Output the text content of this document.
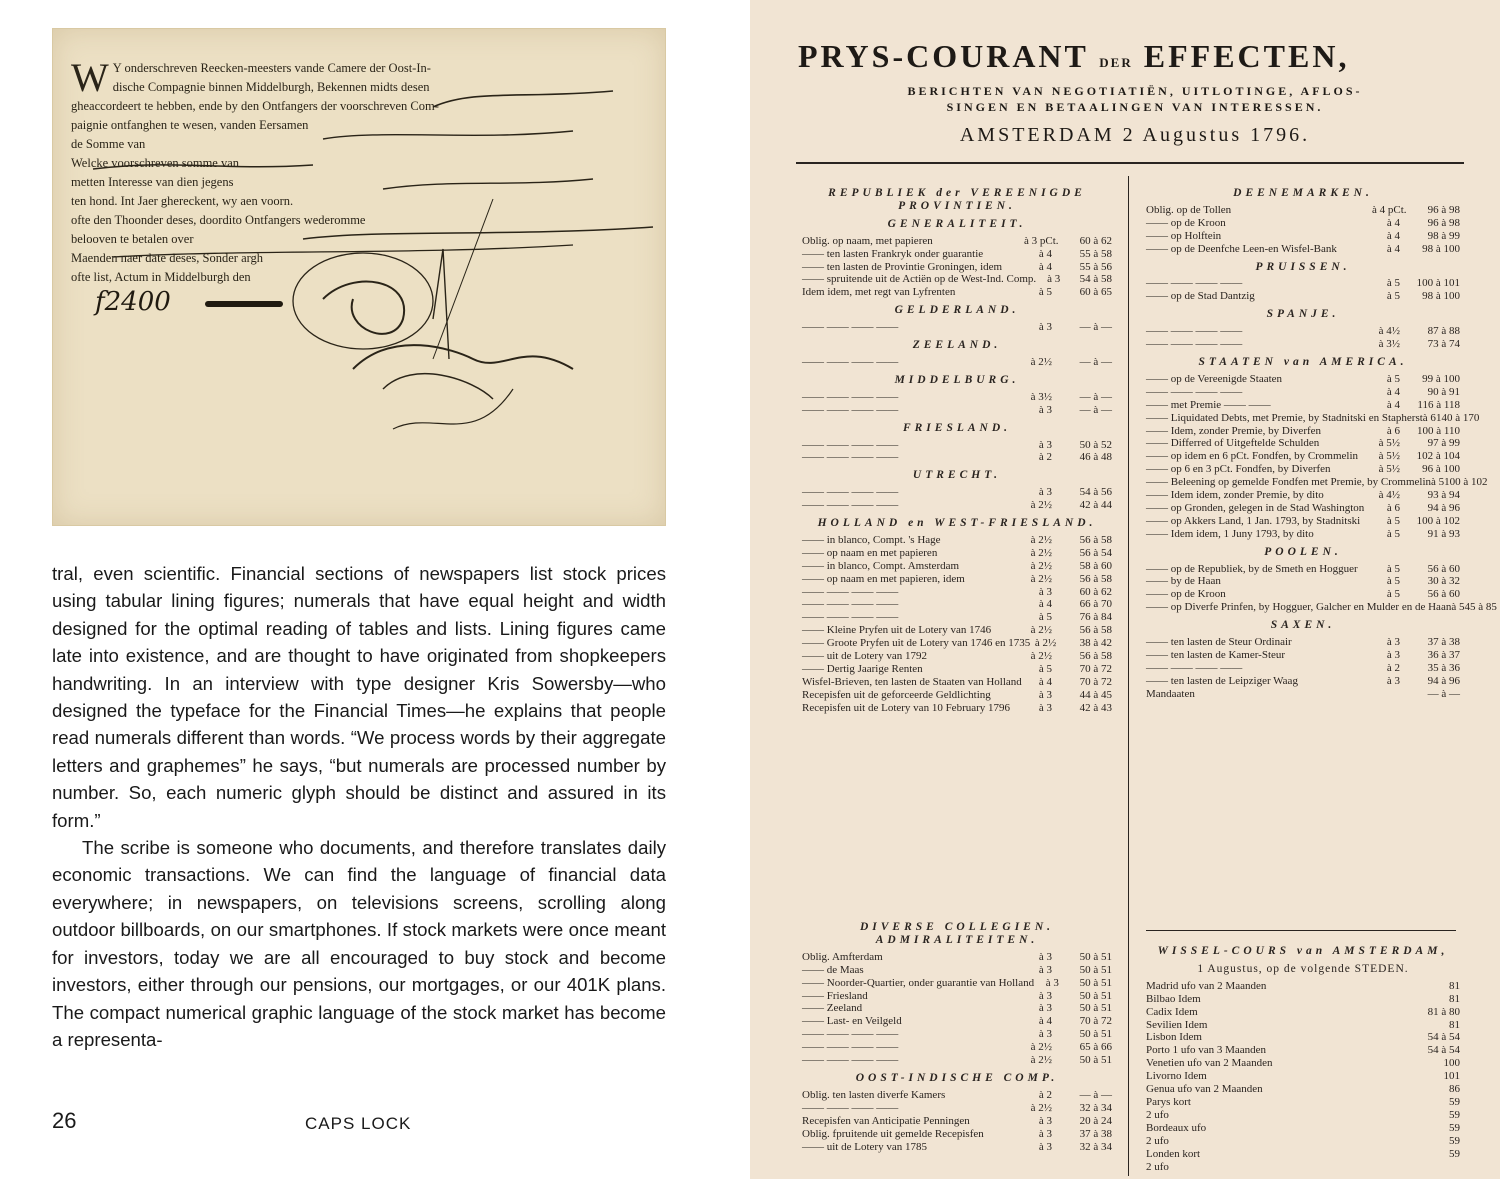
W Y onderschreven Reecken-meesters vande Camere der Oost-In-
dische Compagnie binnen Middelburgh, Bekennen midts desen
gheaccordeert te hebben, ende by den Ontfangers der voorschreven Com-
paignie ontfanghen te wesen, vanden Eersamen
de Somme van
Welcke voorschreven somme van
metten Interesse van dien jegens
ten hond. Int Jaer ghereckent, wy aen voorn.
ofte den Thoonder deses, doordito Ontfangers wederomme
belooven te betalen over
Maenden naer date deses, Sonder argh
ofte list, Actum in Middelburgh den
f2400

tral, even scientific. Financial sections of newspapers list stock prices using tabular lining figures; numerals that have equal height and width designed for the optimal reading of tables and lists. Lining figures came late into existence, and are thought to have originated from shopkeepers handwriting. In an interview with type designer Kris Sowersby—who designed the typeface for the Financial Times—he explains that people read numerals different than words. “We process words by their aggregate letters and graphemes” he says, “but numerals are processed number by number. So, each numeric glyph should be distinct and assured in its form.”

The scribe is someone who documents, and therefore translates daily economic transactions. We can find the language of financial data everywhere; in newspapers, on televisions screens, scrolling along outdoor billboards, on our smartphones. If stock markets were once meant for investors, today we are all encouraged to buy stock and become investors, either through our pensions, our mortgages, or our 401K plans. The compact numerical graphic language of the stock market has become a representa-

26	CAPS LOCK
PRYS-COURANT DER EFFECTEN,
BERICHTEN VAN NEGOTIATIËN, UITLOTINGE, AFLOS-
SINGEN EN BETAALINGEN VAN INTERESSEN.
AMSTERDAM 2 Augustus 1796.
REPUBLIEK der VEREENIGDE PROVINTIEN.
GENERALITEIT.
Oblig. op naam, met papieren	à 3 pCt.	60 à 62
—— ten lasten Frankryk onder guarantie	à 4	55 à 58
—— ten lasten de Provintie Groningen, idem	à 4	55 à 56
—— spruitende uit de Actiën op de West-Ind. Comp. à 3	54 à 58
Idem idem, met regt van Lyfrenten	à 5	60 à 65
GELDERLAND.
—— —— —— ——	à 3	— à —
ZEELAND.
—— —— —— ——	à 2½	— à —
MIDDELBURG.
—— —— —— ——	à 3½	— à —
—— —— —— ——	à 3	— à —
FRIESLAND.
—— —— —— ——	à 3	50 à 52
—— —— —— ——	à 2	46 à 48
UTRECHT.
—— —— —— ——	à 3	54 à 56
—— —— —— ——	à 2½	42 à 44
HOLLAND en WEST-FRIESLAND.
—— in blanco, Compt. 's Hage	à 2½	56 à 58
—— op naam en met papieren	à 2½	56 à 54
—— in blanco, Compt. Amsterdam	à 2½	58 à 60
—— op naam en met papieren, idem	à 2½	56 à 58
—— —— —— ——	à 3	60 à 62
—— —— —— ——	à 4	66 à 70
—— —— —— ——	à 5	76 à 84
—— Kleine Pryfen uit de Lotery van 1746	à 2½	56 à 58
—— Groote Pryfen uit de Lotery van 1746 en 1735 à 2½	38 à 42
—— uit de Lotery van 1792	à 2½	56 à 58
—— Dertig Jaarige Renten	à 5	70 à 72
Wisfel-Brieven, ten lasten de Staaten van Holland	à 4	70 à 72
Recepisfen uit de geforceerde Geldlichting	à 3	44 à 45
Recepisfen uit de Lotery van 10 February 1796	à 3	42 à 43
DEENEMARKEN.
Oblig. op de Tollen	à 4 pCt.	96 à 98
—— op de Kroon	à 4	96 à 98
—— op Holftein	à 4	98 à 99
—— op de Deenfche Leen-en Wisfel-Bank	à 4	98 à 100
PRUISSEN.
—— —— —— ——	à 5	100 à 101
—— op de Stad Dantzig	à 5	98 à 100
SPANJE.
—— —— —— ——	à 4½	87 à 88
—— —— —— ——	à 3½	73 à 74
STAATEN van AMERICA.
—— op de Vereenigde Staaten	à 5	99 à 100
—— —— —— ——	à 4	90 à 91
—— met Premie —— ——	à 4	116 à 118
—— Liquidated Debts, met Premie, by Stadnitski en Stapherst à 6 140 à 170
—— Idem, zonder Premie, by Diverfen	à 6	100 à 110
—— Differred of Uitgeftelde Schulden	à 5½	97 à 99
—— op idem en 6 pCt. Fondfen, by Crommelin	à 5½	102 à 104
—— op 6 en 3 pCt. Fondfen, by Diverfen	à 5½	96 à 100
—— Beleening op gemelde Fondfen met Premie, by Crommelin à 5 100 à 102
—— Idem idem, zonder Premie, by dito	à 4½	93 à 94
—— op Gronden, gelegen in de Stad Washington	à 6	94 à 96
—— op Akkers Land, 1 Jan. 1793, by Stadnitski	à 5	100 à 102
—— Idem idem, 1 Juny 1793, by dito	à 5	91 à 93
POOLEN.
—— op de Republiek, by de Smeth en Hogguer	à 5	56 à 60
—— by de Haan	à 5	30 à 32
—— op de Kroon	à 5	56 à 60
—— op Diverfe Prinfen, by Hogguer, Galcher en Mulder en de Haan à 5 45 à 85
SAXEN.
—— ten lasten de Steur Ordinair	à 3	37 à 38
—— ten lasten de Kamer-Steur	à 3	36 à 37
—— —— —— ——	à 2	35 à 36
—— ten lasten de Leipziger Waag	à 3	94 à 96
Mandaaten	— à —
DIVERSE COLLEGIEN. ADMIRALITEITEN.
Oblig. Amfterdam	à 3	50 à 51
—— de Maas	à 3	50 à 51
—— Noorder-Quartier, onder guarantie van Holland	à 3	50 à 51
—— Friesland	à 3	50 à 51
—— Zeeland	à 3	50 à 51
—— Last- en Veilgeld	à 4	70 à 72
—— —— —— ——	à 3	50 à 51
—— —— —— ——	à 2½	65 à 66
—— —— —— ——	à 2½	50 à 51
OOST-INDISCHE COMP.
Oblig. ten lasten diverfe Kamers	à 2	— à —
—— —— —— ——	à 2½	32 à 34
Recepisfen van Anticipatie Penningen	à 3	20 à 24
Oblig. fpruitende uit gemelde Recepisfen	à 3	37 à 38
—— uit de Lotery van 1785	à 3	32 à 34
WISSEL-COURS van AMSTERDAM,
1 Augustus, op de volgende STEDEN.
Madrid ufo van 2 Maanden	81
Bilbao Idem	81
Cadix Idem	81 à 80
Sevilien Idem	81
Lisbon Idem	54 à 54
Porto 1 ufo van 3 Maanden	54 à 54
Venetien ufo van 2 Maanden	100
Livorno Idem	101
Genua ufo van 2 Maanden	86
Parys kort	59
2 ufo	59
Bordeaux ufo	59
2 ufo	59
Londen kort	59
2 ufo
